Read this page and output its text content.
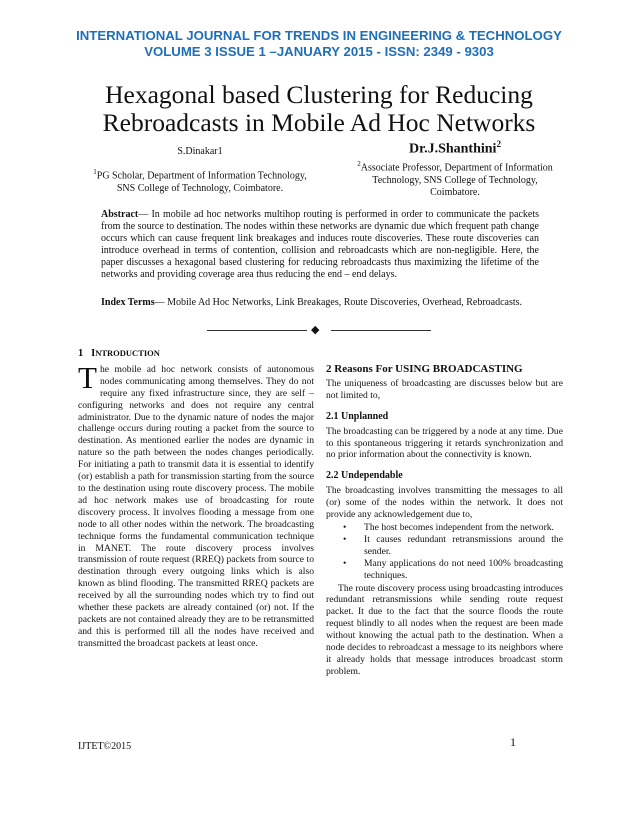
INTERNATIONAL JOURNAL FOR TRENDS IN ENGINEERING & TECHNOLOGY
VOLUME 3 ISSUE 1 –JANUARY 2015 - ISSN: 2349 - 9303
Hexagonal based Clustering for Reducing
Rebroadcasts in Mobile Ad Hoc Networks
S.Dinakar1
$^1$PG Scholar, Department of Information Technology,
SNS College of Technology, Coimbatore.
Dr.J.Shanthini$^2$
$^2$Associate Professor, Department of Information
Technology, SNS College of Technology,
Coimbatore.
Abstract— In mobile ad hoc networks multihop routing is performed in order to communicate the packets from the source to destination. The nodes within these networks are dynamic due which frequent path change occurs which can cause frequent link breakages and induces route discoveries. These route discoveries can introduce overhead in terms of contention, collision and rebroadcasts which are non-negligible. Here, the paper discusses a hexagonal based clustering for reducing rebroadcasts thus maximizing the lifetime of the networks and providing coverage area thus reducing the end – end delays.
Index Terms— Mobile Ad Hoc Networks, Link Breakages, Route Discoveries, Overhead, Rebroadcasts.
◆
1 INTRODUCTION

The mobile ad hoc network consists of autonomous nodes communicating among themselves. They do not require any fixed infrastructure since, they are self – configuring networks and does not require any central administrator. Due to the dynamic nature of nodes the major challenge occurs during routing a packet from the source to destination. As mentioned earlier the nodes are dynamic in nature so the path between the nodes changes periodically. For initiating a path to transmit data it is essential to identify (or) establish a path for transmission starting from the source to the destination using route discovery process. The mobile ad hoc network makes use of broadcasting for route discovery process. It involves flooding a message from one node to all other nodes within the network. The broadcasting technique forms the fundamental communication technique in MANET. The route discovery process involves transmission of route request (RREQ) packets from source to destination through every outgoing links which is also known as blind flooding. The transmitted RREQ packets are received by all the surrounding nodes which try to find out whether these packets are already contained (or) not. If the packets are not contained already they are to be retransmitted and this is performed till all the nodes have received and transmitted the broadcast packets at least once.

2 Reasons For USING BROADCASTING

The uniqueness of broadcasting are discusses below but are not limited to,

2.1 Unplanned

The broadcasting can be triggered by a node at any time. Due to this spontaneous triggering it retards synchronization and no prior information about the connectivity is known.

2.2 Undependable

The broadcasting involves transmitting the messages to all (or) some of the nodes within the network. It does not provide any acknowledgement due to,

• The host becomes independent from the network.
• It causes redundant retransmissions around the sender.
• Many applications do not need 100% broadcasting techniques.

The route discovery process using broadcasting introduces redundant retransmissions while sending route request packet. It due to the fact that the source floods the route request blindly to all nodes when the request are been made without knowing the actual path to the destination. When a node decides to rebroadcast a message to its neighbors where it already holds that message introduces broadcast storm problem.

IJTET©2015	1
